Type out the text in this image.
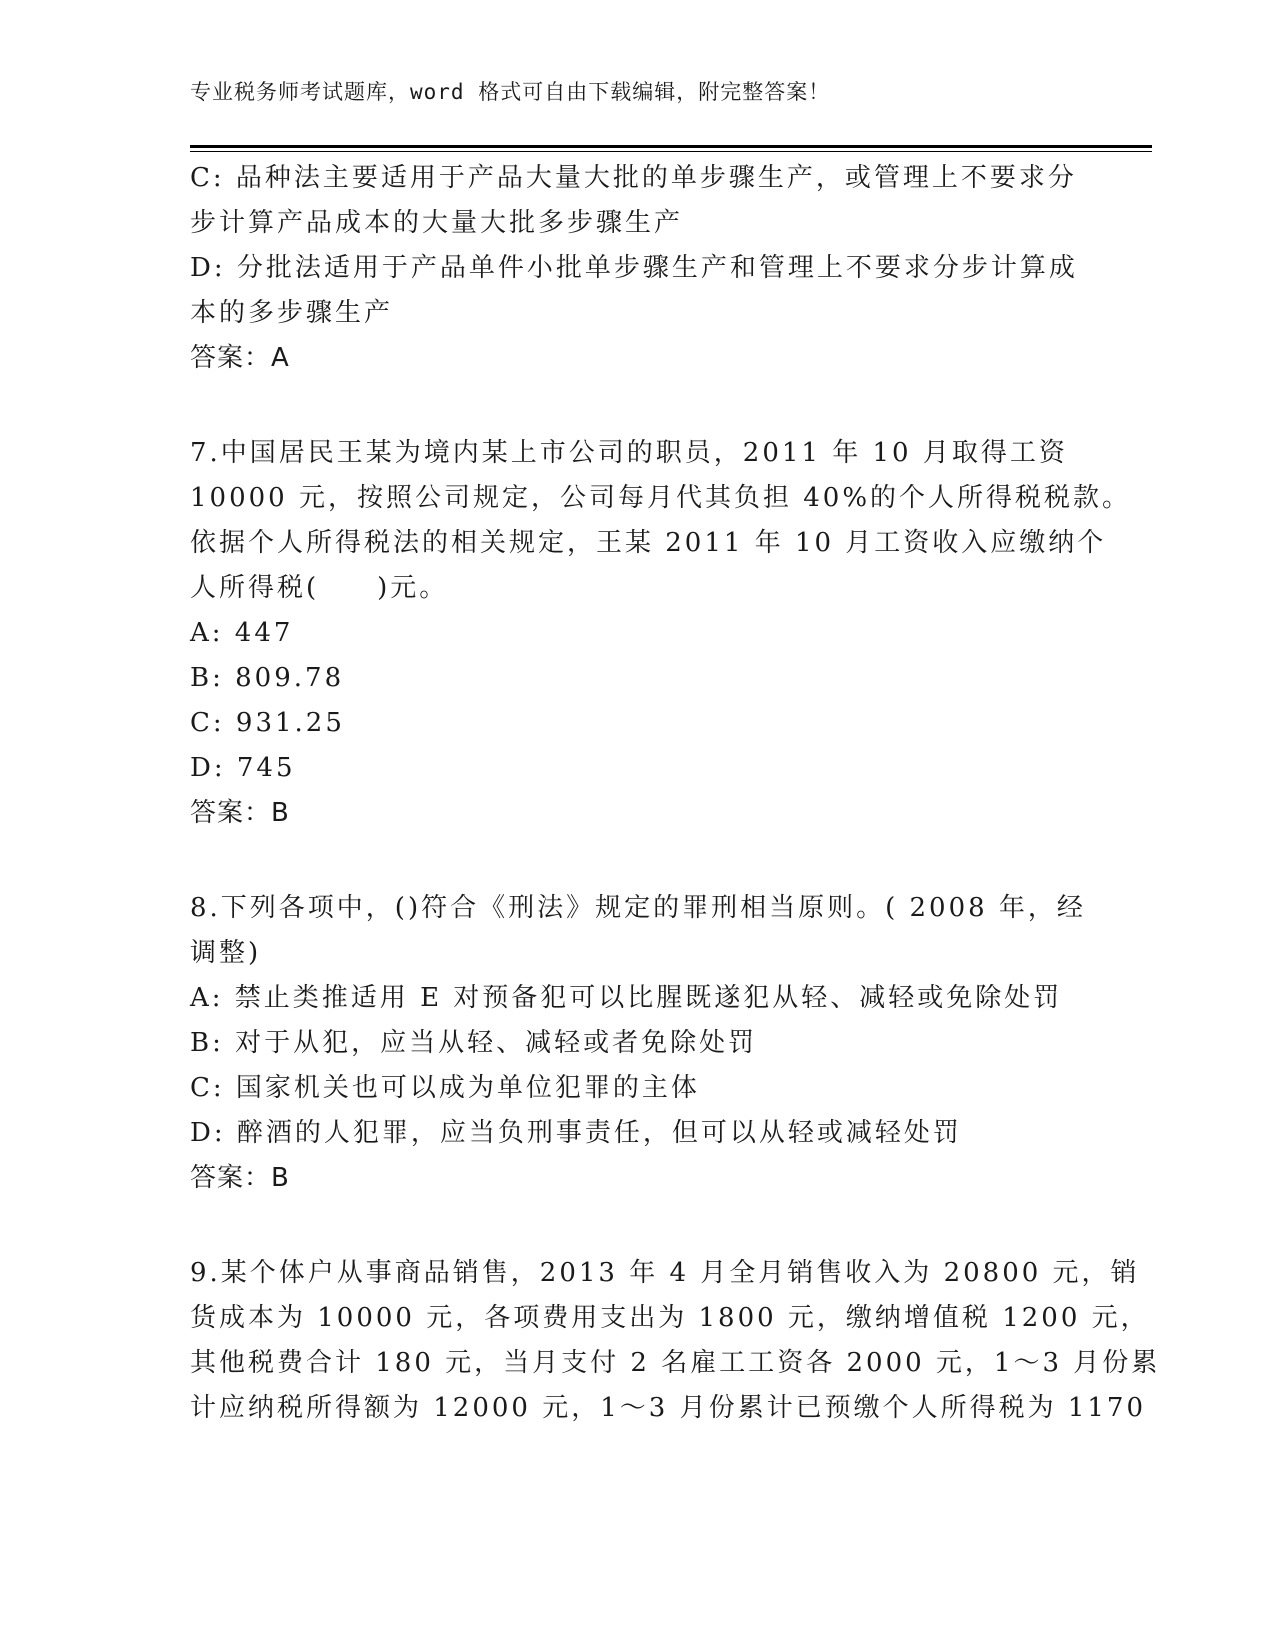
专业税务师考试题库，word 格式可自由下载编辑，附完整答案！
C: 品种法主要适用于产品大量大批的单步骤生产，或管理上不要求分
步计算产品成本的大量大批多步骤生产
D: 分批法适用于产品单件小批单步骤生产和管理上不要求分步计算成
本的多步骤生产
答案：A
7.中国居民王某为境内某上市公司的职员，2011 年 10 月取得工资
10000 元，按照公司规定，公司每月代其负担 40%的个人所得税税款。
依据个人所得税法的相关规定，王某 2011 年 10 月工资收入应缴纳个
人所得税(　　)元。
A: 447
B: 809.78
C: 931.25
D: 745
答案：B
8.下列各项中，()符合《刑法》规定的罪刑相当原则。( 2008 年，经
调整)
A: 禁止类推适用 E 对预备犯可以比腥既遂犯从轻、减轻或免除处罚
B: 对于从犯，应当从轻、减轻或者免除处罚
C: 国家机关也可以成为单位犯罪的主体
D: 醉酒的人犯罪，应当负刑事责任，但可以从轻或减轻处罚
答案：B
9.某个体户从事商品销售，2013 年 4 月全月销售收入为 20800 元，销
货成本为 10000 元，各项费用支出为 1800 元，缴纳增值税 1200 元，
其他税费合计 180 元，当月支付 2 名雇工工资各 2000 元，1～3 月份累
计应纳税所得额为 12000 元，1～3 月份累计已预缴个人所得税为 1170
